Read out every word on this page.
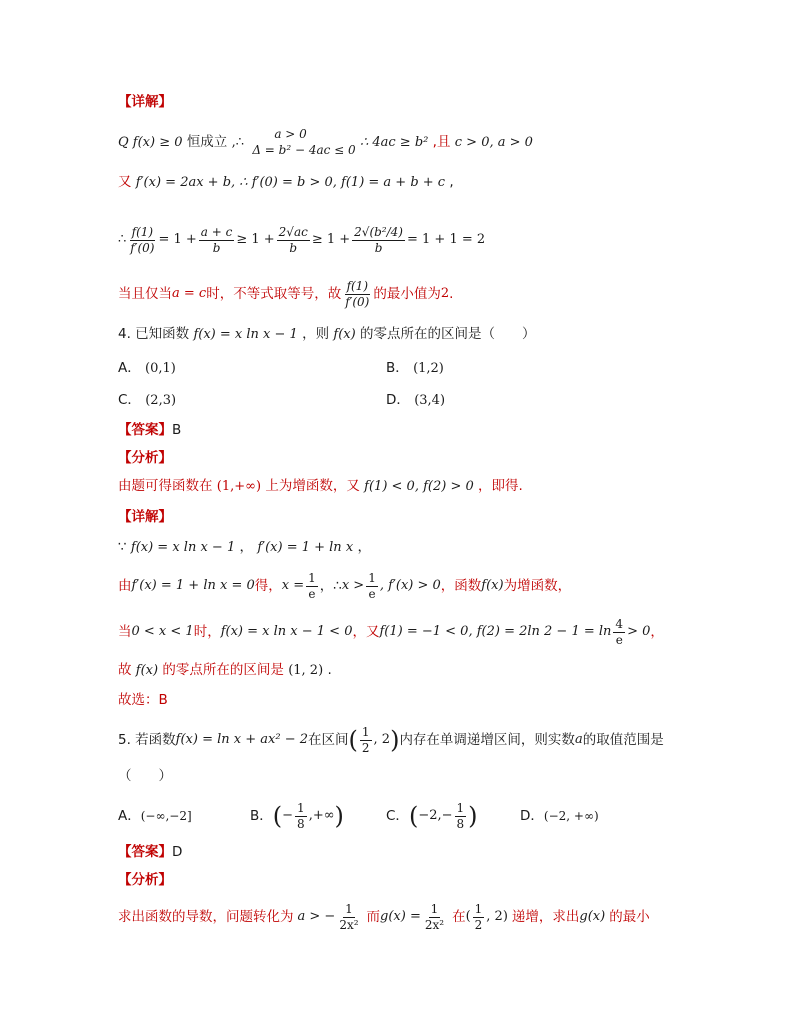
【详解】
Q f(x) ≥ 0 恒成立 ,∴
a > 0
Δ = b² − 4ac ≤ 0 ∴ 4ac ≥ b² ,且 c > 0, a > 0
又 f′(x) = 2ax + b, ∴ f′(0) = b > 0, f(1) = a + b + c ,
∴ $\frac{f(1)}{f'(0)} = 1 + \frac{a + c}{b} \ge 1 + \frac{2√ac}{b} \ge 1 + \frac{\text{2√(b²/4)}}{b} = 1 + 1 = 2$
当且仅当 a = c 时，不等式取等号，故 $\frac{f(1)}{f'(0)}$ 的最小值为 2 .
4. 已知函数 f(x) = x ln x − 1 ，则 f(x) 的零点所在的区间是（　　）
A． (0,1)	B． (1,2)
C． (2,3)	D． (3,4)
【答案】B
【分析】
由题可得函数在 (1,+∞) 上为增函数，又 f(1) < 0, f(2) > 0 ，即得.
【详解】
∵ f(x) = x ln x − 1 ， f′(x) = 1 + ln x ，
由 f′(x) = 1 + ln x = 0 得， $x = \frac{1}{e}$ ，∴ $x > \frac{1}{e}$ , f′(x) > 0 ，函数 f(x) 为增函数，
当 0 < x < 1 时， f(x) = x ln x − 1 < 0 ，又 f(1) = −1 < 0, f(2) = 2ln $2 - 1 = \ln \frac{4}{e} > 0$ ，
故 f(x) 的零点所在的区间是 (1, 2) .
故选：B
5. 若函数 f(x) = ln x + ax² − 2 在区间 ( $\frac{1}{2}$ , 2 ) 内存在单调递增区间，则实数 a 的取值范围是
（　　）
A． (−∞,−2]	B． ( − $\frac{1}{8}$ ,+∞ )	C． ( $-2,- \frac{1}{8}$ )	D． (−2, +∞)
【答案】D
【分析】
求出函数的导数，问题转化为 a > − $\frac{1}{\text{2x²}}$ 而 $g(x) = \frac{1}{\text{2x²}}$ 在 ( $\frac{1}{2}$ , 2) 递增，求出 g(x) 的最小
